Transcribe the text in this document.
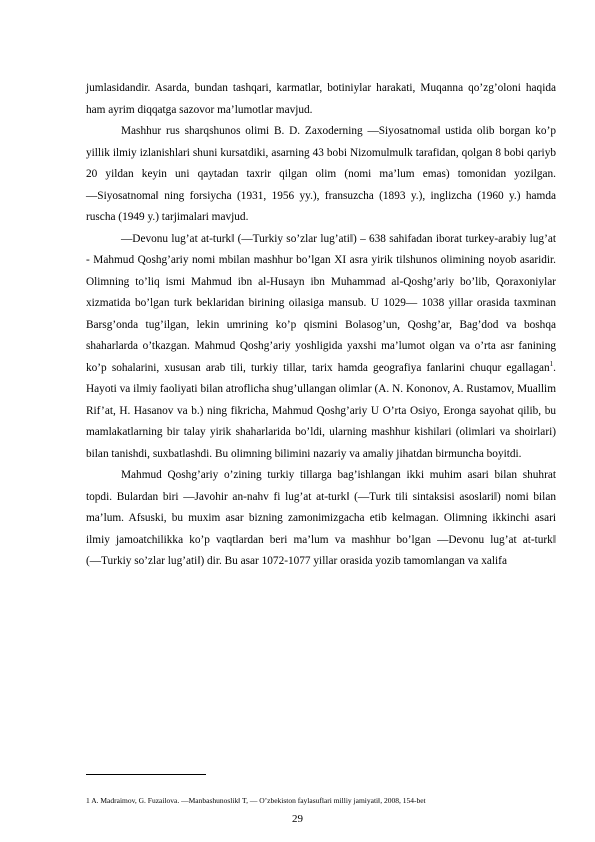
jumlasidandir. Asarda, bundan tashqari, karmatlar, botiniylar harakati, Muqanna qo’zg’oloni haqida ham ayrim diqqatga sazovor ma’lumotlar mavjud.

Mashhur rus sharqshunos olimi B. D. Zaxoderning ―Siyosatnoma‖ ustida olib borgan ko’p yillik ilmiy izlanishlari shuni kursatdiki, asarning 43 bobi Nizomulmulk tarafidan, qolgan 8 bobi qariyb 20 yildan keyin uni qaytadan taxrir qilgan olim (nomi ma’lum emas) tomonidan yozilgan. ―Siyosatnoma‖ ning forsiycha (1931, 1956 yy.), fransuzcha (1893 y.), inglizcha (1960 y.) hamda ruscha (1949 y.) tarjimalari mavjud.

―Devonu lug’at at-turk‖ (―Turkiy so’zlar lug’ati‖) – 638 sahifadan iborat turkey-arabiy lug’at - Mahmud Qoshg’ariy nomi mbilan mashhur bo’lgan XI asra yirik tilshunos olimining noyob asaridir. Olimning to’liq ismi Mahmud ibn al-Husayn ibn Muhammad al-Qoshg’ariy bo’lib, Qoraxoniylar xizmatida bo’lgan turk beklaridan birining oilasiga mansub. U 1029— 1038 yillar orasida taxminan Barsg’onda tug’ilgan, lekin umrining ko’p qismini Bolasog’un, Qoshg’ar, Bag’dod va boshqa shaharlarda o’tkazgan. Mahmud Qoshg’ariy yoshligida yaxshi ma’lumot olgan va o’rta asr fanining ko’p sohalarini, xususan arab tili, turkiy tillar, tarix hamda geografiya fanlarini chuqur egallagan$^1$. Hayoti va ilmiy faoliyati bilan atroflicha shug’ullangan olimlar (A. N. Kononov, A. Rustamov, Muallim Rif’at, H. Hasanov va b.) ning fikricha, Mahmud Qoshg’ariy U O’rta Osiyo, Eronga sayohat qilib, bu mamlakatlarning bir talay yirik shaharlarida bo’ldi, ularning mashhur kishilari (olimlari va shoirlari) bilan tanishdi, suxbatlashdi. Bu olimning bilimini nazariy va amaliy jihatdan birmuncha boyitdi.

Mahmud Qoshg’ariy o’zining turkiy tillarga bag’ishlangan ikki muhim asari bilan shuhrat topdi. Bulardan biri ―Javohir an-nahv fi lug’at at-turk‖ (―Turk tili sintaksisi asoslari‖) nomi bilan ma’lum. Afsuski, bu muxim asar bizning zamonimizgacha etib kelmagan. Olimning ikkinchi asari ilmiy jamoatchilikka ko’p vaqtlardan beri ma’lum va mashhur bo’lgan ―Devonu lug’at at-turk‖ (―Turkiy so’zlar lug’ati‖) dir. Bu asar 1072-1077 yillar orasida yozib tamomlangan va xalifa

1 A. Madraimov, G. Fuzailova. ―Manbashunoslik‖ T, ― O’zbekiston faylasuflari milliy jamiyati‖, 2008, 154-bet
29
